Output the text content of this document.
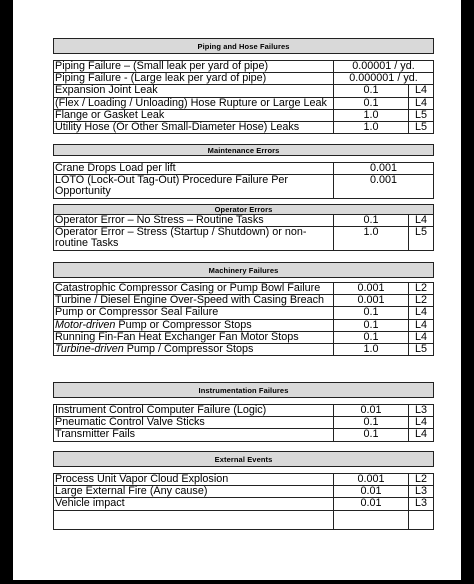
Piping and Hose Failures		

Piping Failure – (Small leak per yard of pipe)	0.00001 / yd.	
Piping Failure - (Large leak per yard of pipe)	0.000001 / yd.	
Expansion Joint Leak	0.1	L4
(Flex / Loading / Unloading) Hose Rupture or Large Leak	0.1	L4
Flange or Gasket Leak	1.0	L5
Utility Hose (Or Other Small-Diameter Hose) Leaks	1.0	L5
Maintenance Errors	

Crane Drops Load per lift	0.001
LOTO (Lock-Out Tag-Out) Procedure Failure Per Opportunity	0.001
Operator Errors		
Operator Error – No Stress – Routine Tasks	0.1	L4
Operator Error – Stress (Startup / Shutdown) or non-routine Tasks	1.0	L5
Machinery Failures		

Catastrophic Compressor Casing or Pump Bowl Failure	0.001	L2
Turbine / Diesel Engine Over-Speed with Casing Breach	0.001	L2
Pump or Compressor Seal Failure	0.1	L4
Motor-driven Pump or Compressor Stops	0.1	L4
Running Fin-Fan Heat Exchanger Fan Motor Stops	0.1	L4
Turbine-driven Pump / Compressor Stops	1.0	L5
Instrumentation Failures		

Instrument Control Computer Failure (Logic)	0.01	L3
Pneumatic Control Valve Sticks	0.1	L4
Transmitter Fails	0.1	L4
External Events		

Process Unit Vapor Cloud Explosion	0.001	L2
Large External Fire (Any cause)	0.01	L3
Vehicle impact	0.01	L3
